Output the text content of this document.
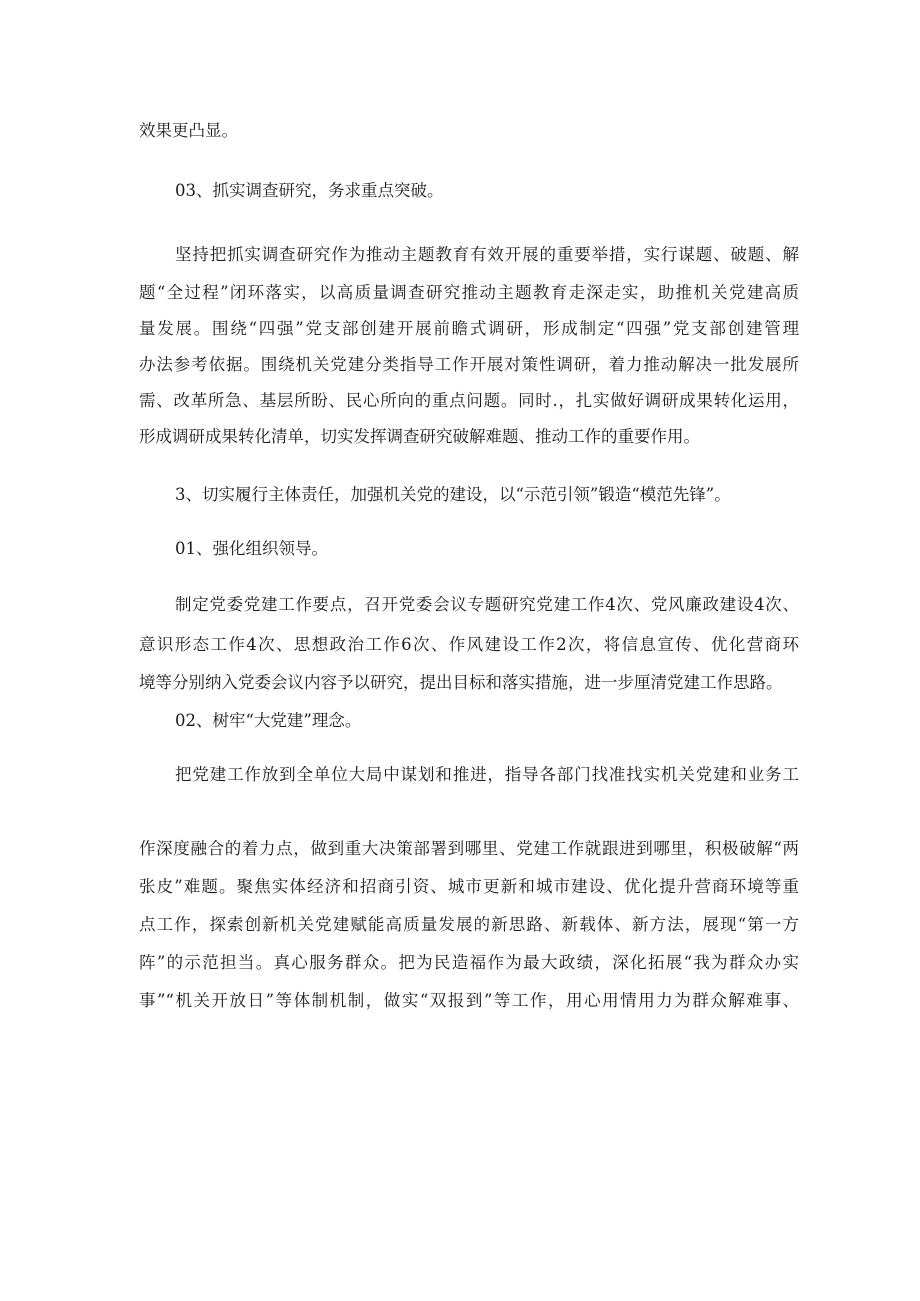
效果更凸显。
03、抓实调查研究，务求重点突破。
坚持把抓实调查研究作为推动主题教育有效开展的重要举措，实行谋题、破题、解
题“全过程”闭环落实，以高质量调查研究推动主题教育走深走实，助推机关党建高质
量发展。围绕“四强”党支部创建开展前瞻式调研，形成制定“四强”党支部创建管理
办法参考依据。围绕机关党建分类指导工作开展对策性调研，着力推动解决一批发展所
需、改革所急、基层所盼、民心所向的重点问题。同时.，扎实做好调研成果转化运用，
形成调研成果转化清单，切实发挥调查研究破解难题、推动工作的重要作用。
3、切实履行主体责任，加强机关党的建设，以“示范引领”锻造“模范先锋”。
01、强化组织领导。
制定党委党建工作要点，召开党委会议专题研究党建工作4次、党风廉政建设4次、
意识形态工作4次、思想政治工作6次、作风建设工作2次，将信息宣传、优化营商环
境等分别纳入党委会议内容予以研究，提出目标和落实措施，进一步厘清党建工作思路。
02、树牢“大党建”理念。
把党建工作放到全单位大局中谋划和推进，指导各部门找准找实机关党建和业务工
作深度融合的着力点，做到重大决策部署到哪里、党建工作就跟进到哪里，积极破解“两
张皮”难题。聚焦实体经济和招商引资、城市更新和城市建设、优化提升营商环境等重
点工作，探索创新机关党建赋能高质量发展的新思路、新载体、新方法，展现“第一方
阵”的示范担当。真心服务群众。把为民造福作为最大政绩，深化拓展“我为群众办实
事”“机关开放日”等体制机制，做实“双报到”等工作，用心用情用力为群众解难事、
